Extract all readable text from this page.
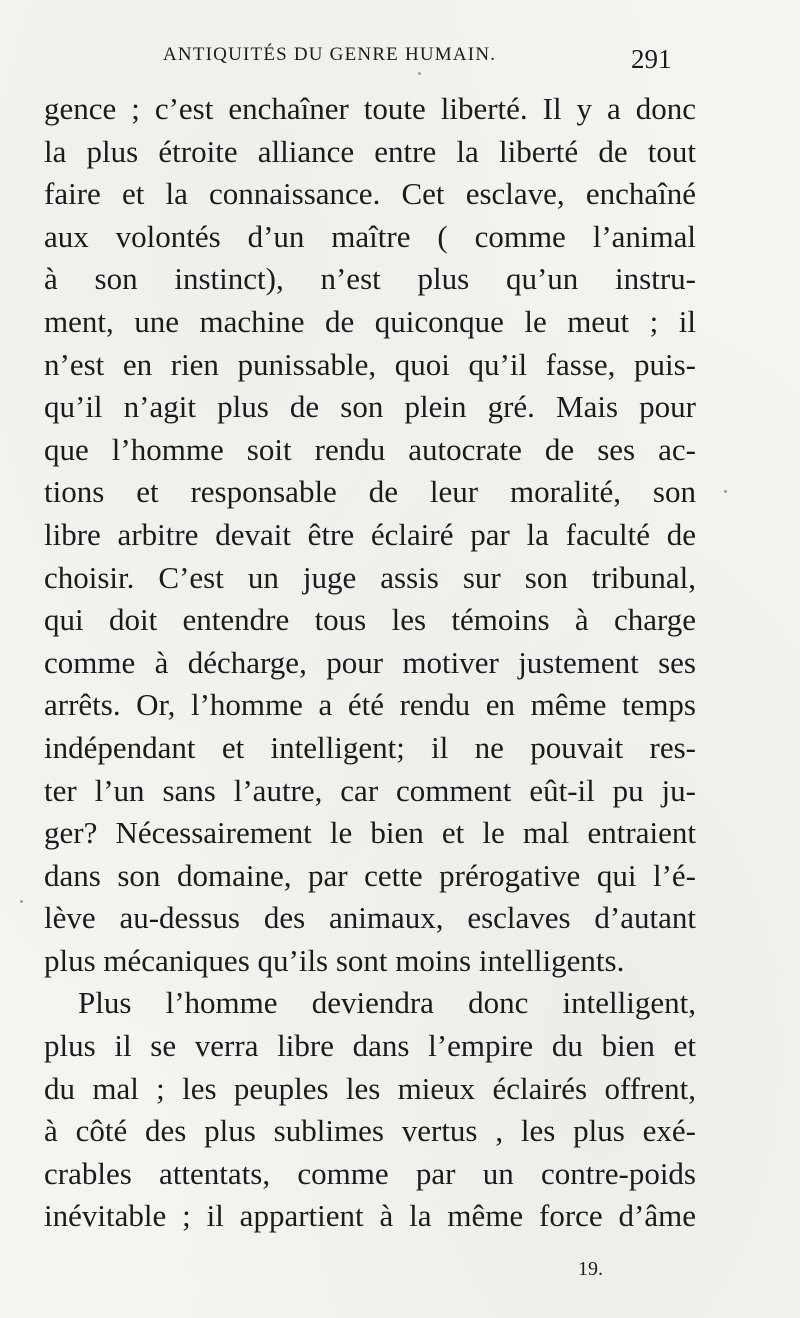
ANTIQUITÉS DU GENRE HUMAIN.	291
gence ; c’est enchaîner toute liberté. Il y a donc
la plus étroite alliance entre la liberté de tout
faire et la connaissance. Cet esclave, enchaîné
aux volontés d’un maître ( comme l’animal
à son instinct), n’est plus qu’un instru-
ment, une machine de quiconque le meut ; il
n’est en rien punissable, quoi qu’il fasse, puis-
qu’il n’agit plus de son plein gré. Mais pour
que l’homme soit rendu autocrate de ses ac-
tions et responsable de leur moralité, son
libre arbitre devait être éclairé par la faculté de
choisir. C’est un juge assis sur son tribunal,
qui doit entendre tous les témoins à charge
comme à décharge, pour motiver justement ses
arrêts. Or, l’homme a été rendu en même temps
indépendant et intelligent; il ne pouvait res-
ter l’un sans l’autre, car comment eût-il pu ju-
ger? Nécessairement le bien et le mal entraient
dans son domaine, par cette prérogative qui l’é-
lève au-dessus des animaux, esclaves d’autant
plus mécaniques qu’ils sont moins intelligents.
Plus l’homme deviendra donc intelligent,
plus il se verra libre dans l’empire du bien et
du mal ; les peuples les mieux éclairés offrent,
à côté des plus sublimes vertus , les plus exé-
crables attentats, comme par un contre-poids
inévitable ; il appartient à la même force d’âme
19.
